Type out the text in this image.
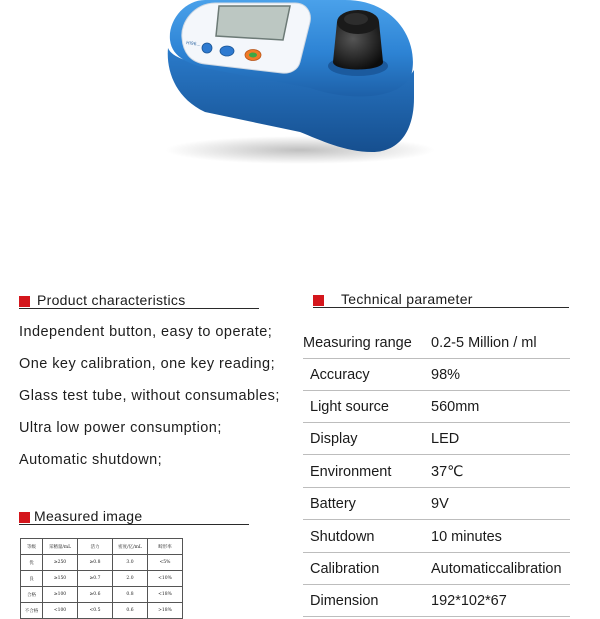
HI96...
Product characteristics
Independent button, easy to operate;
One key calibration, one key reading;
Glass test tube, without consumables;
Ultra low power consumption;
Automatic shutdown;
Technical parameter
Measuring range 0.2-5 Million / ml
Accuracy	98%
Light source	560mm
Display	LED
Environment	37℃
Battery	9V
Shutdown	10 minutes
Calibration	Automaticcalibration
Dimension	192*102*67
Measured image
等级	采精量/mL	活力	密度/亿/mL	畸形率
优	≥250	≥0.8	3.0	<5%
良	≥150	≥0.7	2.0	<10%
合格	≥100	≥0.6	0.8	<18%
不合格	<100	<0.5	0.6	>18%
